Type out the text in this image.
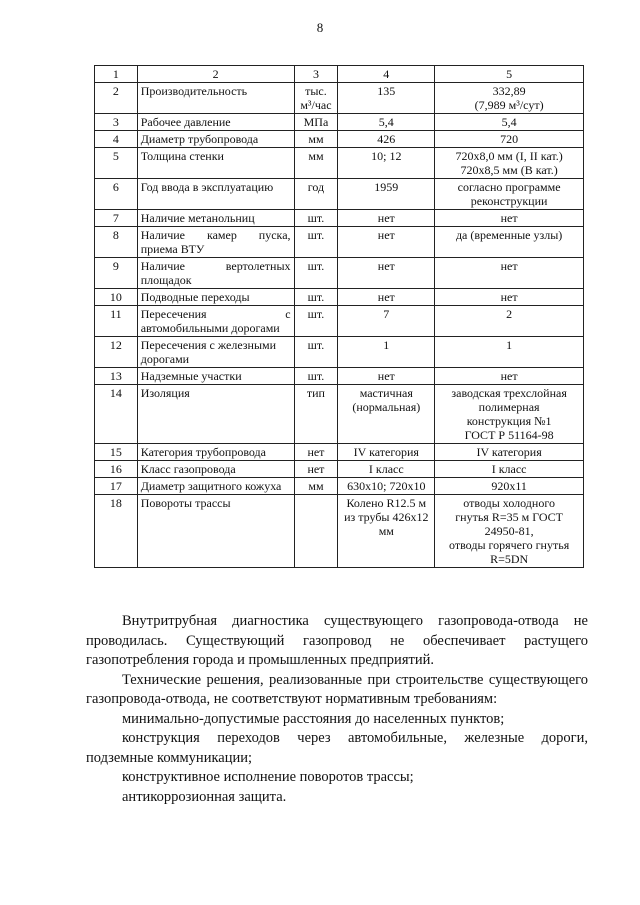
8
1	2	3	4	5
2	Производительность	тыс. м³/час	135	332,89
(7,989 м³/сут)

3	Рабочее давление	МПа	5,4	5,4

4	Диаметр трубопровода	мм	426	720

5	Толщина стенки	мм	10; 12	720х8,0 мм (I, II кат.)
720х8,5 мм (В кат.)

6	Год ввода в эксплуатацию	год	1959	согласно программе
реконструкции

7	Наличие метанольниц	шт.	нет	нет

8	Наличие камер пуска, приема ВТУ	шт.	нет	да (временные узлы)

9	Наличие вертолетных площадок	шт.	нет	нет

10	Подводные переходы	шт.	нет	нет

11	Пересечения с автомобильными дорогами	шт.	7	2

12	Пересечения с железными дорогами	шт.	1	1

13	Надземные участки	шт.	нет	нет

14	Изоляция	тип	мастичная (нормальная)	заводская трехслойная
полимерная
конструкция №1
ГОСТ Р 51164-98

15	Категория трубопровода	нет	IV категория	IV категория

16	Класс газопровода	нет	I класс	I класс

17	Диаметр защитного кожуха	мм	630х10; 720х10	920х11

18	Повороты трассы		Колено R12.5 м из трубы 426х12 мм	отводы холодного
гнутья R=35 м ГОСТ
24950-81,
отводы горячего гнутья
R=5DN

Внутритрубная диагностика существующего газопровода-отвода не проводилась. Существующий газопровод не обеспечивает растущего газопотребления города и промышленных предприятий.

Технические решения, реализованные при строительстве существующего газопровода-отвода, не соответствуют нормативным требованиям:

минимально-допустимые расстояния до населенных пунктов;

конструкция переходов через автомобильные, железные дороги, подземные коммуникации;

конструктивное исполнение поворотов трассы;

антикоррозионная защита.
